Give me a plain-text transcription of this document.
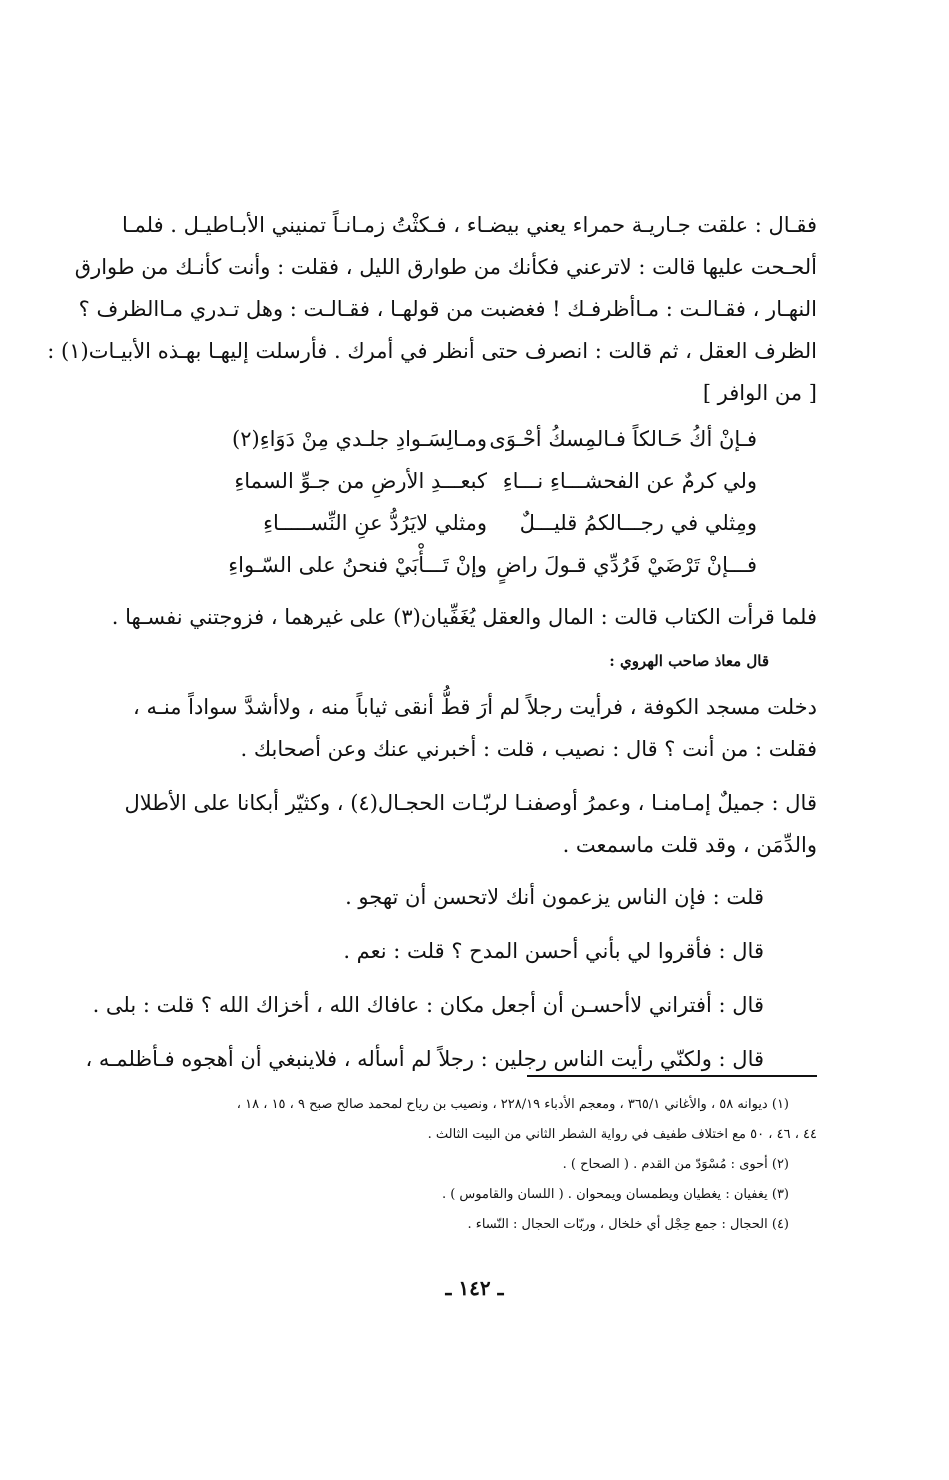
فقـال : علقت جـاريـة حمراء يعني بيضـاء ، فـكثْتُ زمـانـاً تمنيني الأبـاطيـل . فلمـا
ألحـحت عليها قالت : لاترعني فكأنك من طوارق الليل ، فقلت : وأنت كأنـك من طوارق
النهـار ، فقـالـت : مـاأظرفـك ! فغضبت من قولهـا ، فقـالـت : وهل تـدري مـاالظرف ؟
الظرف العقل ، ثم قالت : انصرف حتى أنظر في أمرك . فأرسلت إليهـا بهـذه الأبيـات(١) :
[ من الوافر ]
فـإنْ أكُ حَـالكاً فـالمِسكُ أحْـوَى
ومـالِسَـوادِ جلـدي مِنْ دَوَاءِ(٢)
ولي كرمٌ عن الفحشـــاءِ نـــاءِ
كبعـــدِ الأرضِ من جـوِّ السماءِ
ومِثلي في رجـــالكمُ قليـــلٌ
ومثلي لايَرُدُّ عنِ النِّســـــاءِ
فـــإنْ تَرْضَيْ فَرُدِّي قـولَ راضٍ
وإنْ تَـــأْبَيْ فنحنُ على السّـواءِ
فلما قرأت الكتاب قالت : المال والعقل يُغَفِّيان(٣) على غيرهما ، فزوجتني نفسـها .
قال معاذ صاحب الهروي :
دخلت مسجد الكوفة ، فرأيت رجلاً لم أرَ قطُّ أنقى ثياباً منه ، ولاأشدَّ سواداً منـه ،
فقلت : من أنت ؟ قال : نصيب ، قلت : أخبرني عنك وعن أصحابك .
قال : جميلٌ إمـامنـا ، وعمرُ أوصفنـا لربّـات الحجـال(٤) ، وكثيّر أبكانا على الأطلال
والدِّمَن ، وقد قلت ماسمعت .
قلت : فإن الناس يزعمون أنك لاتحسن أن تهجو .
قال : فأقروا لي بأني أحسن المدح ؟ قلت : نعم .
قال : أفتراني لاأحسـن أن أجعل مكان : عافاك الله ، أخزاك الله ؟ قلت : بلى .
قال : ولكنّي رأيت الناس رجلين : رجلاً لم أسأله ، فلاينبغي أن أهجوه فـأظلمـه ،
(١) ديوانه ٥٨ ، والأغاني ٣٦٥/١ ، ومعجم الأدباء ٢٢٨/١٩ ، ونصيب بن رياح لمحمد صالح صبح ٩ ، ١٥ ، ١٨ ،
٤٤ ، ٤٦ ، ٥٠ مع اختلاف طفيف في رواية الشطر الثاني من البيت الثالث .
(٢) أحوى : مُسْوَدّ من القدم . ( الصحاح ) .
(٣) يغفيان : يغطيان ويطمسان ويمحوان . ( اللسان والقاموس ) .
(٤) الحجال : جمع حِجْل أي خلخال ، وربّات الحجال : النّساء .
ـ ١٤٢ ـ
